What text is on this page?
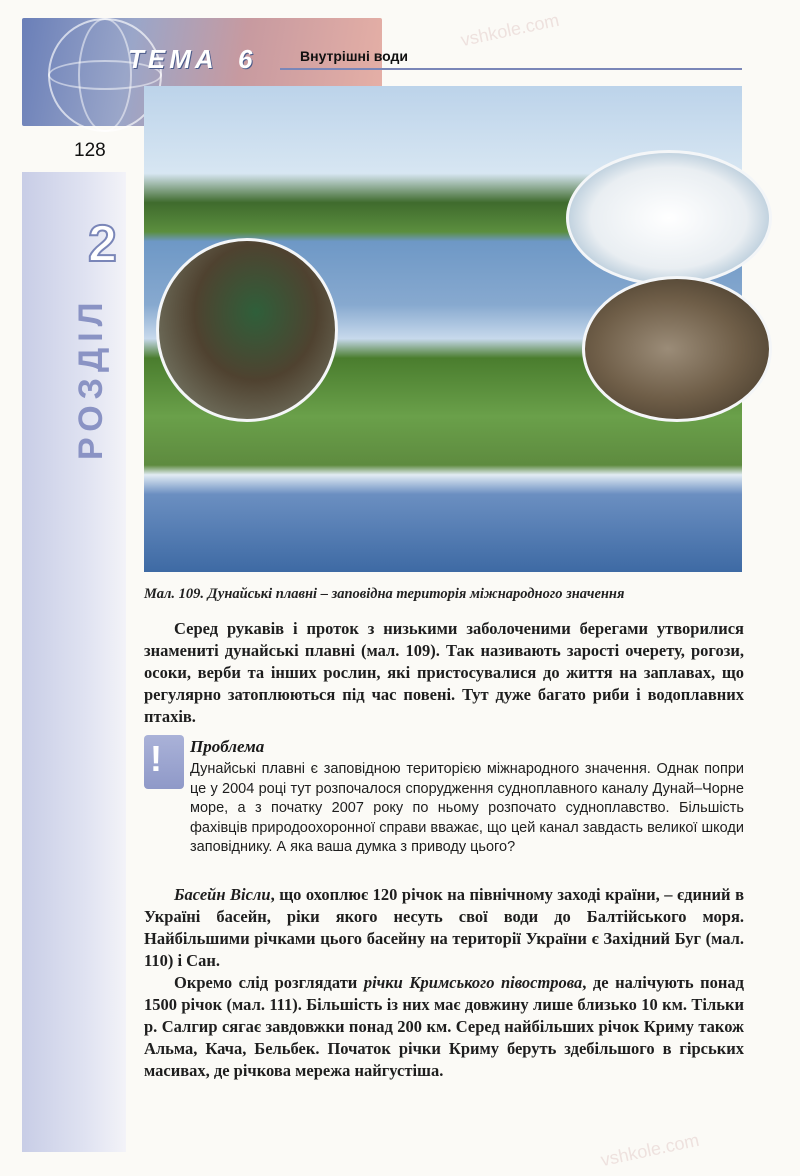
ТЕМА 6	Внутрішні води
128
2
РОЗДІЛ
Мал. 109. Дунайські плавні – заповідна територія міжнародного значення
Серед рукавів і проток з низькими заболоченими берегами утворилися знамениті дунайські плавні (мал. 109). Так називають зарості очерету, рогози, осоки, верби та інших рослин, які пристосувалися до життя на заплавах, що регулярно затоплюються під час повені. Тут дуже багато риби і водоплавних птахів.
! Проблема
Дунайські плавні є заповідною територією міжнародного значення. Однак попри це у 2004 році тут розпочалося спорудження судноплавного каналу Дунай–Чорне море, а з початку 2007 року по ньому розпочато судноплавство. Більшість фахівців природоохоронної справи вважає, що цей канал завдасть великої шкоди заповіднику. А яка ваша думка з приводу цього?
Басейн Вісли, що охоплює 120 річок на північному заході країни, – єдиний в Україні басейн, ріки якого несуть свої води до Балтійського моря. Найбільшими річками цього басейну на території України є Західний Буг (мал. 110) і Сан.
Окремо слід розглядати річки Кримського півострова, де налічують понад 1500 річок (мал. 111). Більшість із них має довжину лише близько 10 км. Тільки р. Салгир сягає завдовжки понад 200 км. Серед найбільших річок Криму також Альма, Кача, Бельбек. Початок річки Криму беруть здебільшого в гірських масивах, де річкова мережа найгустіша.
vshkole.com
vshkole.com
